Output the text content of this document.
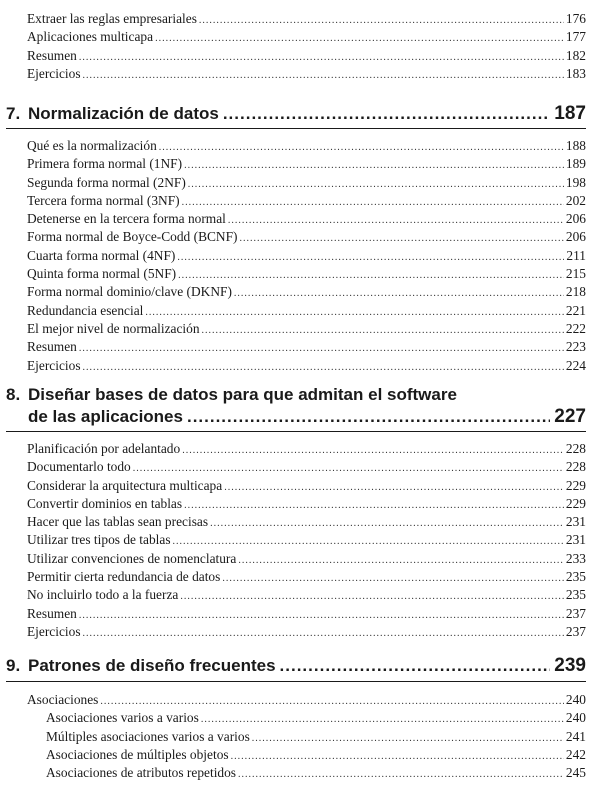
Extraer las reglas empresariales .....	176
Aplicaciones multicapa .....	177
Resumen .....	182
Ejercicios .....	183
7. Normalización de datos .....	187
Qué es la normalización .....	188
Primera forma normal (1NF) .....	189
Segunda forma normal (2NF) .....	198
Tercera forma normal (3NF) .....	202
Detenerse en la tercera forma normal .....	206
Forma normal de Boyce-Codd (BCNF) .....	206
Cuarta forma normal (4NF) .....	211
Quinta forma normal (5NF) .....	215
Forma normal dominio/clave (DKNF) .....	218
Redundancia esencial .....	221
El mejor nivel de normalización .....	222
Resumen .....	223
Ejercicios .....	224
8. Diseñar bases de datos para que admitan el software
de las aplicaciones .....	227
Planificación por adelantado .....	228
Documentarlo todo .....	228
Considerar la arquitectura multicapa .....	229
Convertir dominios en tablas .....	229
Hacer que las tablas sean precisas .....	231
Utilizar tres tipos de tablas .....	231
Utilizar convenciones de nomenclatura .....	233
Permitir cierta redundancia de datos .....	235
No incluirlo todo a la fuerza .....	235
Resumen .....	237
Ejercicios .....	237
9. Patrones de diseño frecuentes .....	239
Asociaciones .....	240
Asociaciones varios a varios .....	240
Múltiples asociaciones varios a varios .....	241
Asociaciones de múltiples objetos .....	242
Asociaciones de atributos repetidos .....	245
